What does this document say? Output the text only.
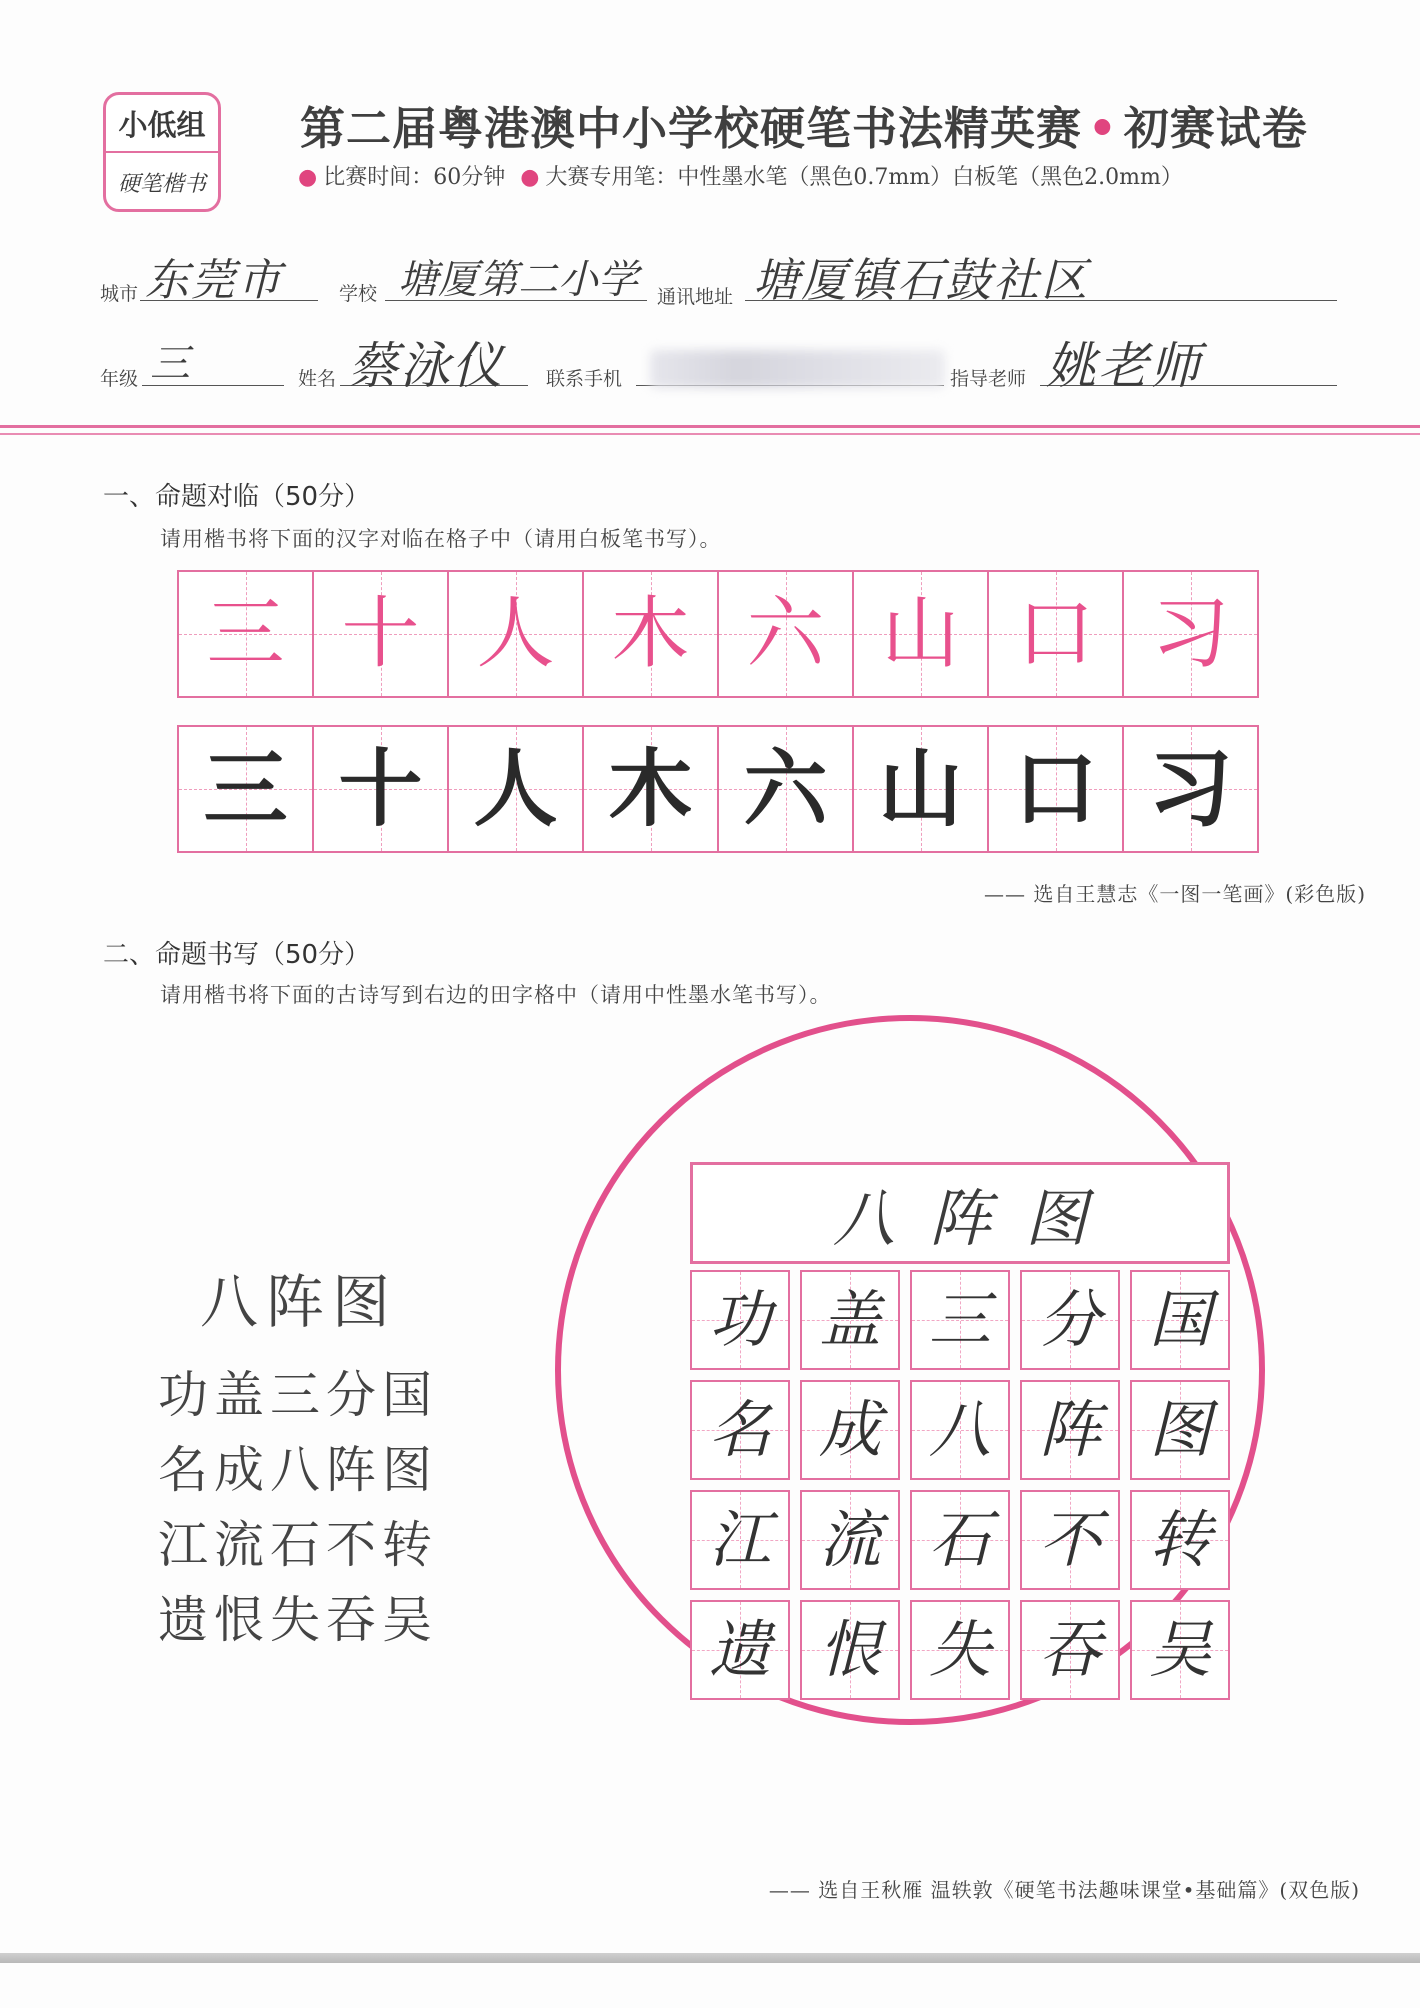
小低组
硬笔楷书
第二届粤港澳中小学校硬笔书法精英赛 • 初赛试卷
● 比赛时间：60分钟 ● 大赛专用笔：中性墨水笔（黑色0.7mm）白板笔（黑色2.0mm）
城市 东莞市	学校 塘厦第二小学 通讯地址 塘厦镇石鼓社区
年级 三	姓名 蔡泳仪 联系手机	指导老师 姚老师
一、命题对临（50分）
请用楷书将下面的汉字对临在格子中（请用白板笔书写）。
三 十 人 木 六 山 口 习
三 十 人 木 六 山 口 习
—— 选自王慧志《一图一笔画》(彩色版)
二、命题书写（50分）
请用楷书将下面的古诗写到右边的田字格中（请用中性墨水笔书写）。
八阵图
功盖三分国
名成八阵图
江流石不转
遗恨失吞吴
八阵图
功 盖 三 分 国
名 成 八 阵 图
江 流 石 不 转
遗 恨 失 吞 吴
—— 选自王秋雁 温轶敦《硬笔书法趣味课堂•基础篇》(双色版)
